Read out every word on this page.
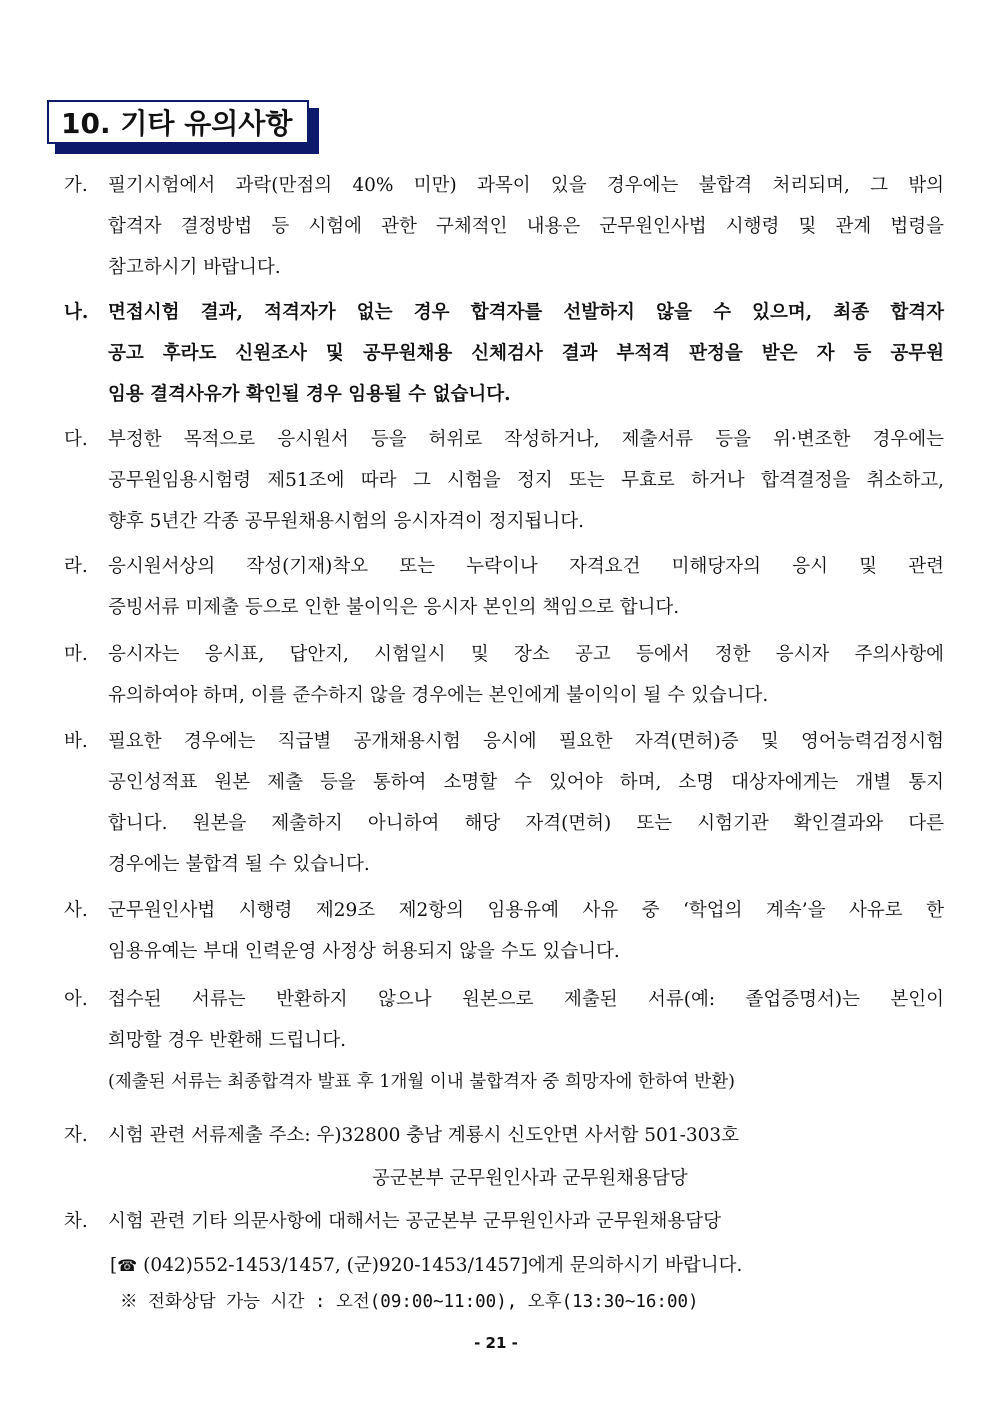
10. 기타 유의사항
가.	필기시험에서 과락(만점의 40% 미만) 과목이 있을 경우에는 불합격 처리되며, 그 밖의
합격자 결정방법 등 시험에 관한 구체적인 내용은 군무원인사법 시행령 및 관계 법령을
참고하시기 바랍니다.
나.	면접시험 결과, 적격자가 없는 경우 합격자를 선발하지 않을 수 있으며, 최종 합격자
공고 후라도 신원조사 및 공무원채용 신체검사 결과 부적격 판정을 받은 자 등 공무원
임용 결격사유가 확인될 경우 임용될 수 없습니다.
다.	부정한 목적으로 응시원서 등을 허위로 작성하거나, 제출서류 등을 위·변조한 경우에는
공무원임용시험령 제51조에 따라 그 시험을 정지 또는 무효로 하거나 합격결정을 취소하고,
향후 5년간 각종 공무원채용시험의 응시자격이 정지됩니다.
라.	응시원서상의 작성(기재)착오 또는 누락이나 자격요건 미해당자의 응시 및 관련
증빙서류 미제출 등으로 인한 불이익은 응시자 본인의 책임으로 합니다.
마.	응시자는 응시표, 답안지, 시험일시 및 장소 공고 등에서 정한 응시자 주의사항에
유의하여야 하며, 이를 준수하지 않을 경우에는 본인에게 불이익이 될 수 있습니다.
바.	필요한 경우에는 직급별 공개채용시험 응시에 필요한 자격(면허)증 및 영어능력검정시험
공인성적표 원본 제출 등을 통하여 소명할 수 있어야 하며, 소명 대상자에게는 개별 통지
합니다. 원본을 제출하지 아니하여 해당 자격(면허) 또는 시험기관 확인결과와 다른
경우에는 불합격 될 수 있습니다.
사.	군무원인사법 시행령 제29조 제2항의 임용유예 사유 중 ‘학업의 계속’을 사유로 한
임용유예는 부대 인력운영 사정상 허용되지 않을 수도 있습니다.
아.	접수된 서류는 반환하지 않으나 원본으로 제출된 서류(예: 졸업증명서)는 본인이
희망할 경우 반환해 드립니다.
(제출된 서류는 최종합격자 발표 후 1개월 이내 불합격자 중 희망자에 한하여 반환)
자.	시험 관련 서류제출 주소: 우)32800 충남 계룡시 신도안면 사서함 501-303호
공군본부 군무원인사과 군무원채용담당
차.	시험 관련 기타 의문사항에 대해서는 공군본부 군무원인사과 군무원채용담당
[☎ (042)552-1453/1457, (군)920-1453/1457]에게 문의하시기 바랍니다.
※ 전화상담 가능 시간 : 오전(09:00~11:00), 오후(13:30~16:00)
- 21 -
